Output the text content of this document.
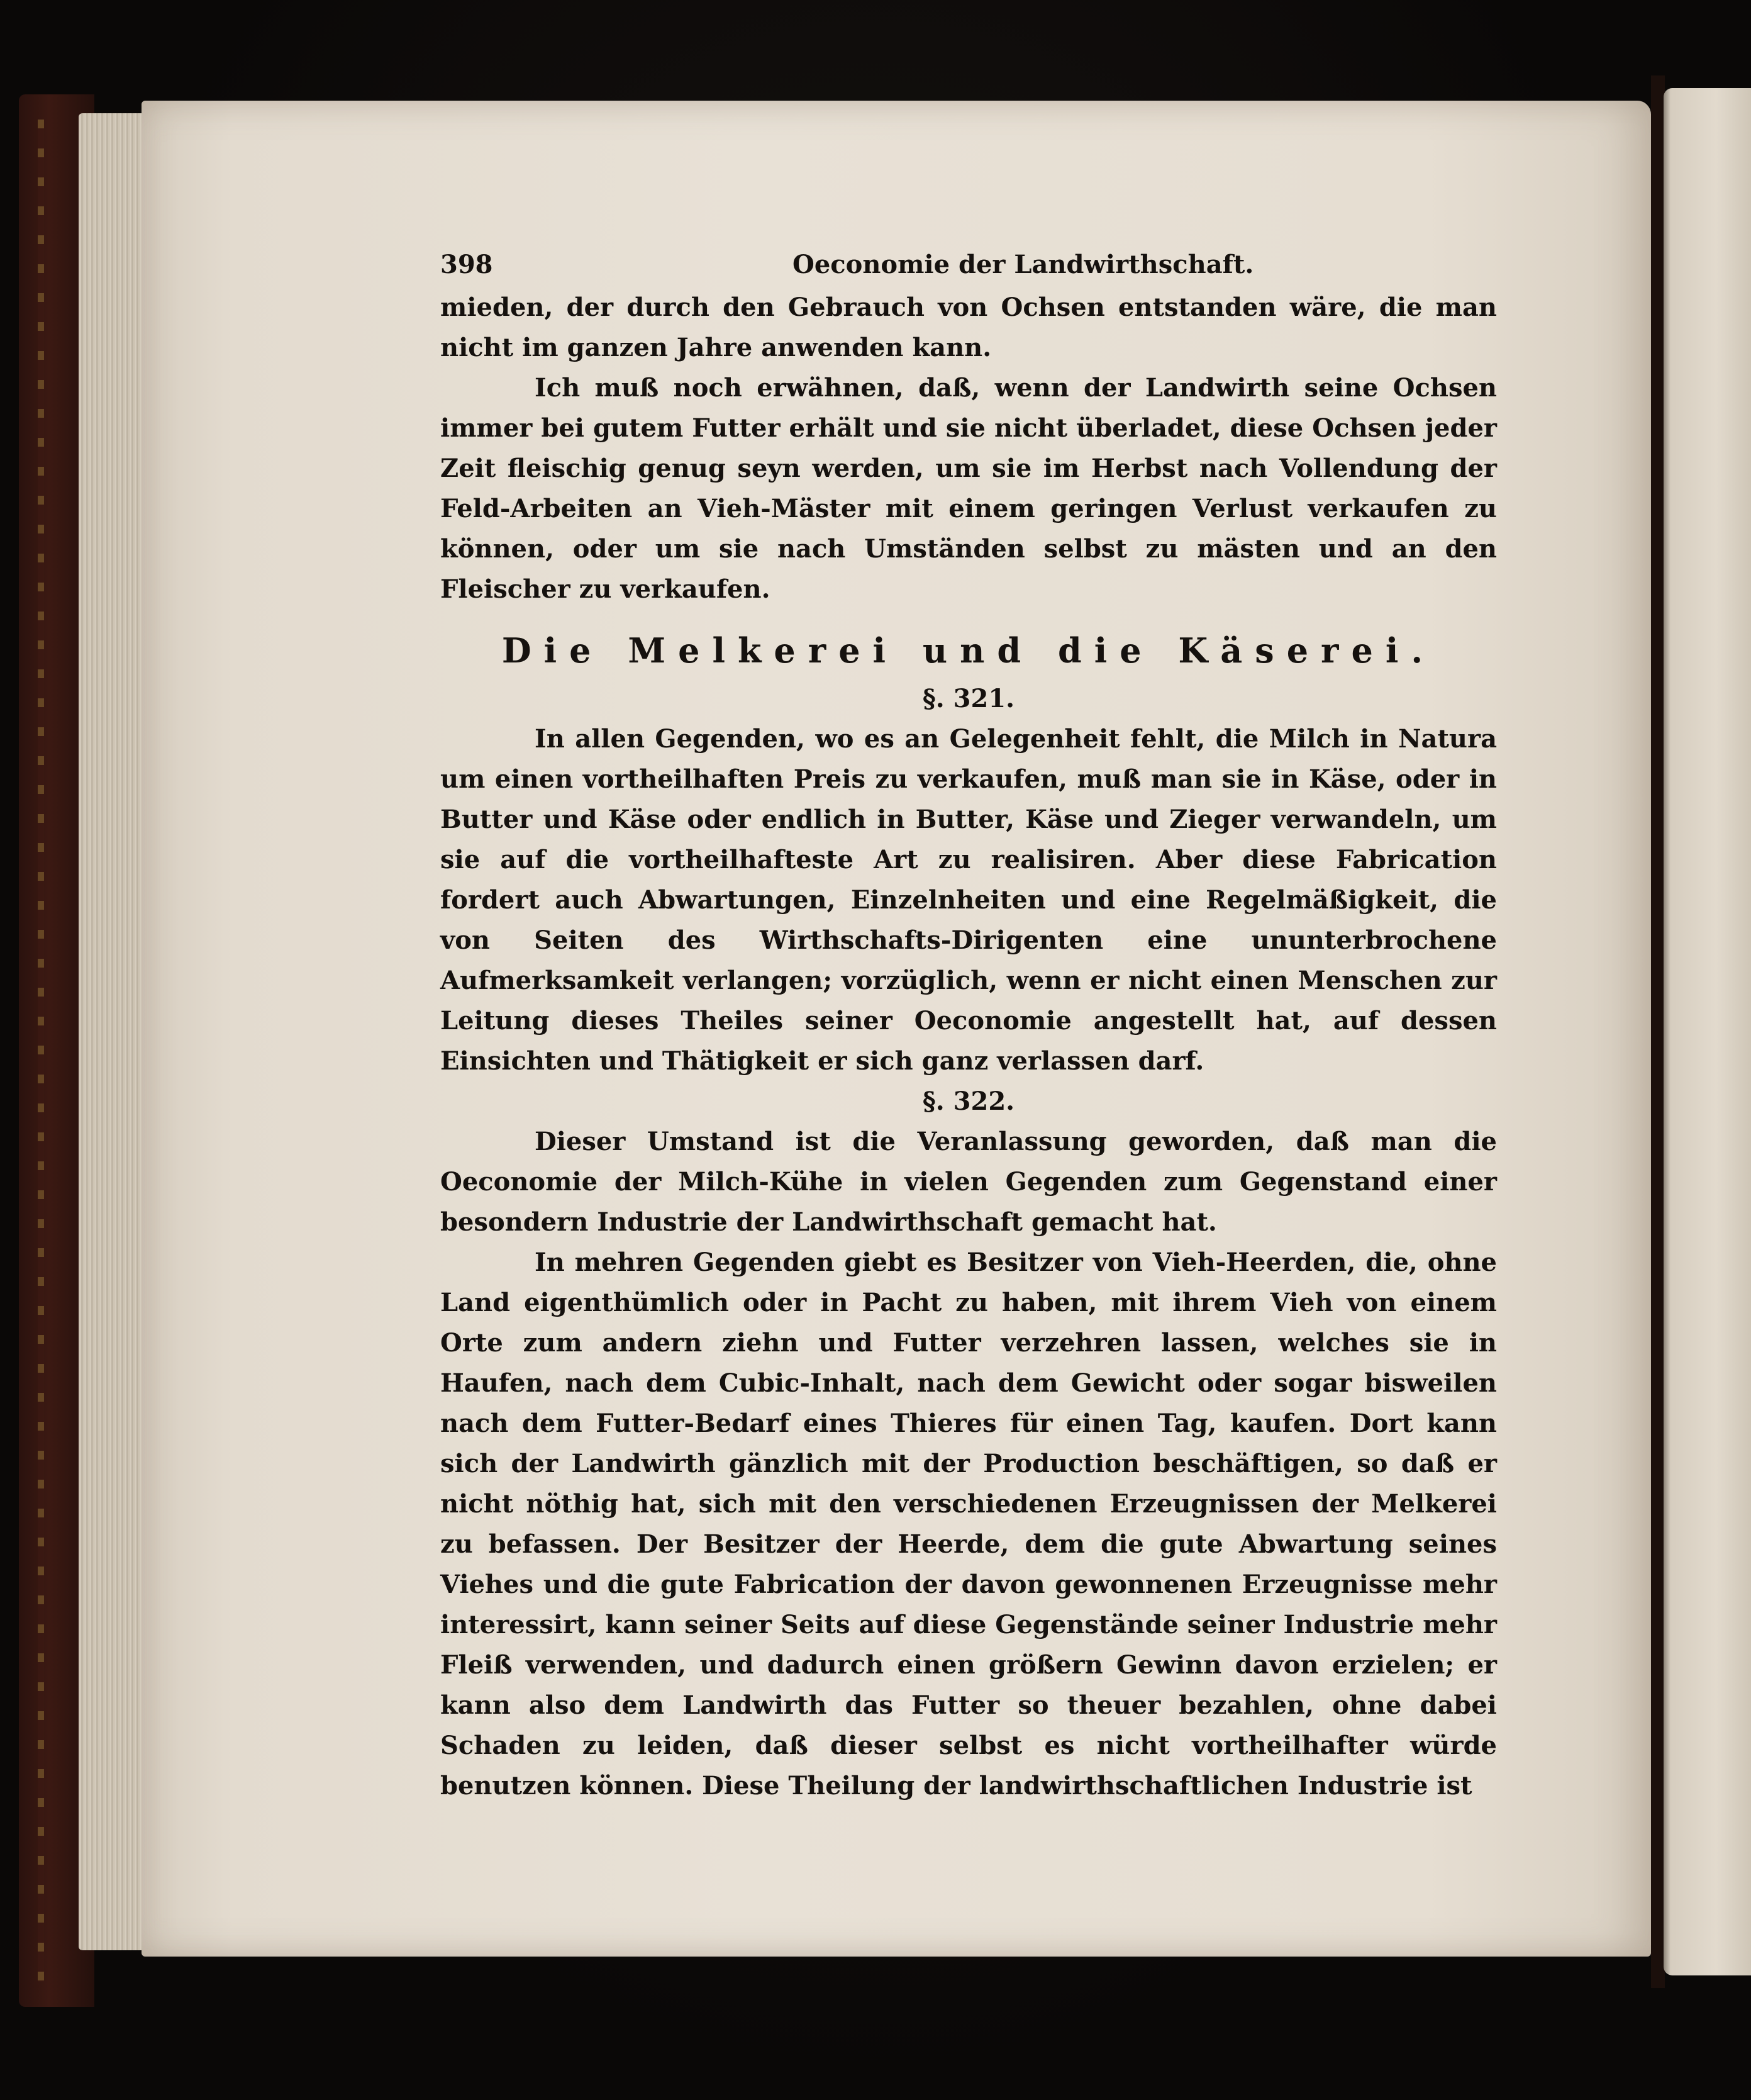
398	Oeconomie der Landwirthschaft.

mieden, der durch den Gebrauch von Ochsen entstanden wäre, die man nicht im ganzen Jahre anwenden kann.

Ich muß noch erwähnen, daß, wenn der Landwirth seine Ochsen immer bei gutem Futter erhält und sie nicht überladet, diese Ochsen jeder Zeit fleischig genug seyn werden, um sie im Herbst nach Vollendung der Feld-Arbeiten an Vieh-Mäster mit einem geringen Verlust verkaufen zu können, oder um sie nach Umständen selbst zu mästen und an den Fleischer zu verkaufen.

Die Melkerei und die Käserei.
§. 321.

In allen Gegenden, wo es an Gelegenheit fehlt, die Milch in Natura um einen vortheilhaften Preis zu verkaufen, muß man sie in Käse, oder in Butter und Käse oder endlich in Butter, Käse und Zieger verwandeln, um sie auf die vortheilhafteste Art zu realisiren. Aber diese Fabrication fordert auch Abwartungen, Einzelnheiten und eine Regelmäßigkeit, die von Seiten des Wirthschafts-Dirigenten eine ununterbrochene Aufmerksamkeit verlangen; vorzüglich, wenn er nicht einen Menschen zur Leitung dieses Theiles seiner Oeconomie angestellt hat, auf dessen Einsichten und Thätigkeit er sich ganz verlassen darf.

§. 322.

Dieser Umstand ist die Veranlassung geworden, daß man die Oeconomie der Milch-Kühe in vielen Gegenden zum Gegenstand einer besondern Industrie der Landwirthschaft gemacht hat.

In mehren Gegenden giebt es Besitzer von Vieh-Heerden, die, ohne Land eigenthümlich oder in Pacht zu haben, mit ihrem Vieh von einem Orte zum andern ziehn und Futter verzehren lassen, welches sie in Haufen, nach dem Cubic-Inhalt, nach dem Gewicht oder sogar bisweilen nach dem Futter-Bedarf eines Thieres für einen Tag, kaufen. Dort kann sich der Landwirth gänzlich mit der Production beschäftigen, so daß er nicht nöthig hat, sich mit den verschiedenen Erzeugnissen der Melkerei zu befassen. Der Besitzer der Heerde, dem die gute Abwartung seines Viehes und die gute Fabrication der davon gewonnenen Erzeugnisse mehr interessirt, kann seiner Seits auf diese Gegenstände seiner Industrie mehr Fleiß verwenden, und dadurch einen größern Gewinn davon erzielen; er kann also dem Landwirth das Futter so theuer bezahlen, ohne dabei Schaden zu leiden, daß dieser selbst es nicht vortheilhafter würde benutzen können. Diese Theilung der landwirthschaftlichen Industrie ist
